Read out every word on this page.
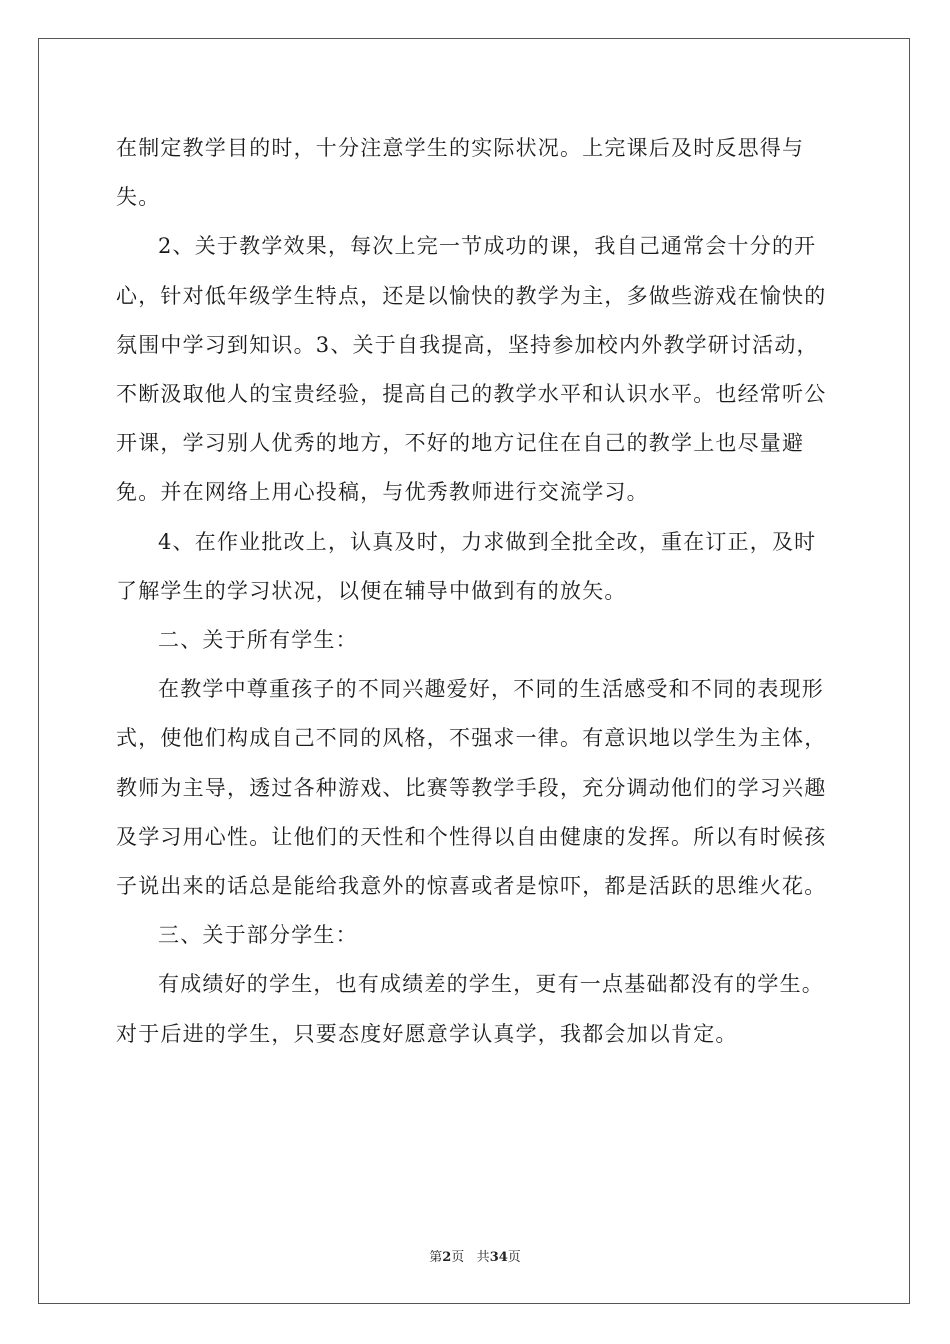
在制定教学目的时，十分注意学生的实际状况。上完课后及时反思得与失。

2、关于教学效果，每次上完一节成功的课，我自己通常会十分的开心，针对低年级学生特点，还是以愉快的教学为主，多做些游戏在愉快的氛围中学习到知识。3、关于自我提高，坚持参加校内外教学研讨活动，不断汲取他人的宝贵经验，提高自己的教学水平和认识水平。也经常听公开课，学习别人优秀的地方，不好的地方记住在自己的教学上也尽量避免。并在网络上用心投稿，与优秀教师进行交流学习。

4、在作业批改上，认真及时，力求做到全批全改，重在订正，及时了解学生的学习状况，以便在辅导中做到有的放矢。

二、关于所有学生：

在教学中尊重孩子的不同兴趣爱好，不同的生活感受和不同的表现形式，使他们构成自己不同的风格，不强求一律。有意识地以学生为主体，教师为主导，透过各种游戏、比赛等教学手段，充分调动他们的学习兴趣及学习用心性。让他们的天性和个性得以自由健康的发挥。所以有时候孩子说出来的话总是能给我意外的惊喜或者是惊吓，都是活跃的思维火花。

三、关于部分学生：

有成绩好的学生，也有成绩差的学生，更有一点基础都没有的学生。对于后进的学生，只要态度好愿意学认真学，我都会加以肯定。

第2页 共34页
